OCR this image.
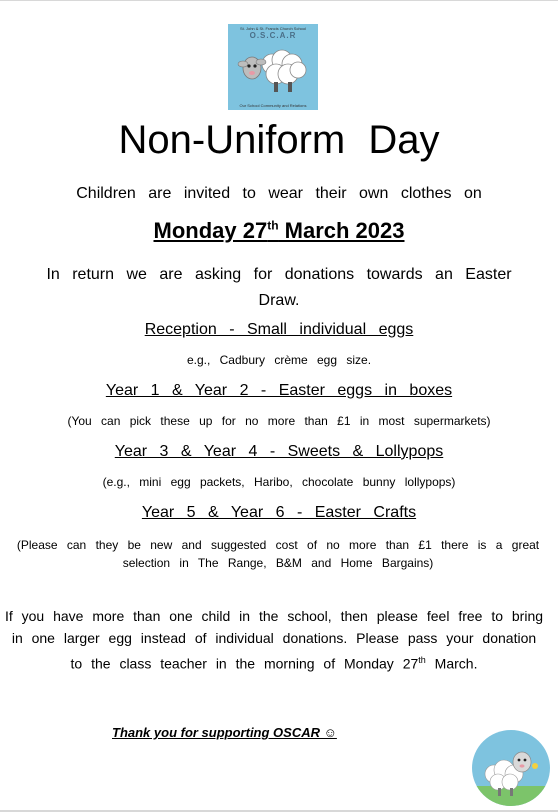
St. John & St. Francis Church School
O.S.C.A.R
Our School Community and Relations
Non-Uniform Day
Children are invited to wear their own clothes on
Monday 27th March 2023
In return we are asking for donations towards an Easter Draw.
Reception - Small individual eggs
e.g., Cadbury crème egg size.
Year 1 & Year 2 - Easter eggs in boxes
(You can pick these up for no more than £1 in most supermarkets)
Year 3 & Year 4 - Sweets & Lollypops
(e.g., mini egg packets, Haribo, chocolate bunny lollypops)
Year 5 & Year 6 - Easter Crafts
(Please can they be new and suggested cost of no more than £1 there is a great selection in The Range, B&M and Home Bargains)
If you have more than one child in the school, then please feel free to bring in one larger egg instead of individual donations. Please pass your donation to the class teacher in the morning of Monday 27th March.
Thank you for supporting OSCAR ☺
